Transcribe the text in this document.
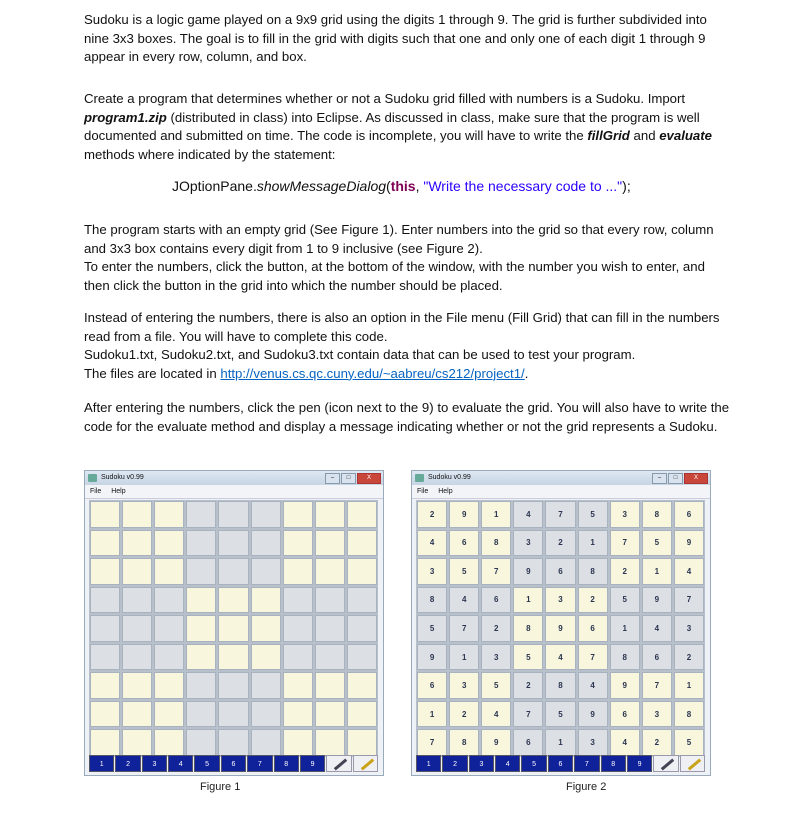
Sudoku is a logic game played on a 9x9 grid using the digits 1 through 9. The grid is further subdivided into nine 3x3 boxes. The goal is to fill in the grid with digits such that one and only one of each digit 1 through 9 appear in every row, column, and box.
Create a program that determines whether or not a Sudoku grid filled with numbers is a Sudoku. Import program1.zip (distributed in class) into Eclipse. As discussed in class, make sure that the program is well documented and submitted on time. The code is incomplete, you will have to write the fillGrid and evaluate methods where indicated by the statement:
JOptionPane.showMessageDialog(this, "Write the necessary code to ...");
The program starts with an empty grid (See Figure 1). Enter numbers into the grid so that every row, column and 3x3 box contains every digit from 1 to 9 inclusive (see Figure 2).
To enter the numbers, click the button, at the bottom of the window, with the number you wish to enter, and then click the button in the grid into which the number should be placed.
Instead of entering the numbers, there is also an option in the File menu (Fill Grid) that can fill in the numbers read from a file. You will have to complete this code.
Sudoku1.txt, Sudoku2.txt, and Sudoku3.txt contain data that can be used to test your program.
The files are located in http://venus.cs.qc.cuny.edu/~aabreu/cs212/project1/.
After entering the numbers, click the pen (icon next to the 9) to evaluate the grid. You will also have to write the code for the evaluate method and display a message indicating whether or not the grid represents a Sudoku.
Sudoku v0.99	–	□	X
File Help
1	2	3	4	5	6	7	8	9
Figure 1
Sudoku v0.99	–	□	X
File Help
2	9	1	4	7	5	3	8	6
4	6	8	3	2	1	7	5	9
3	5	7	9	6	8	2	1	4
8	4	6	1	3	2	5	9	7
5	7	2	8	9	6	1	4	3
9	1	3	5	4	7	8	6	2
6	3	5	2	8	4	9	7	1
1	2	4	7	5	9	6	3	8
7	8	9	6	1	3	4	2	5
1	2	3	4	5	6	7	8	9
Figure 2
